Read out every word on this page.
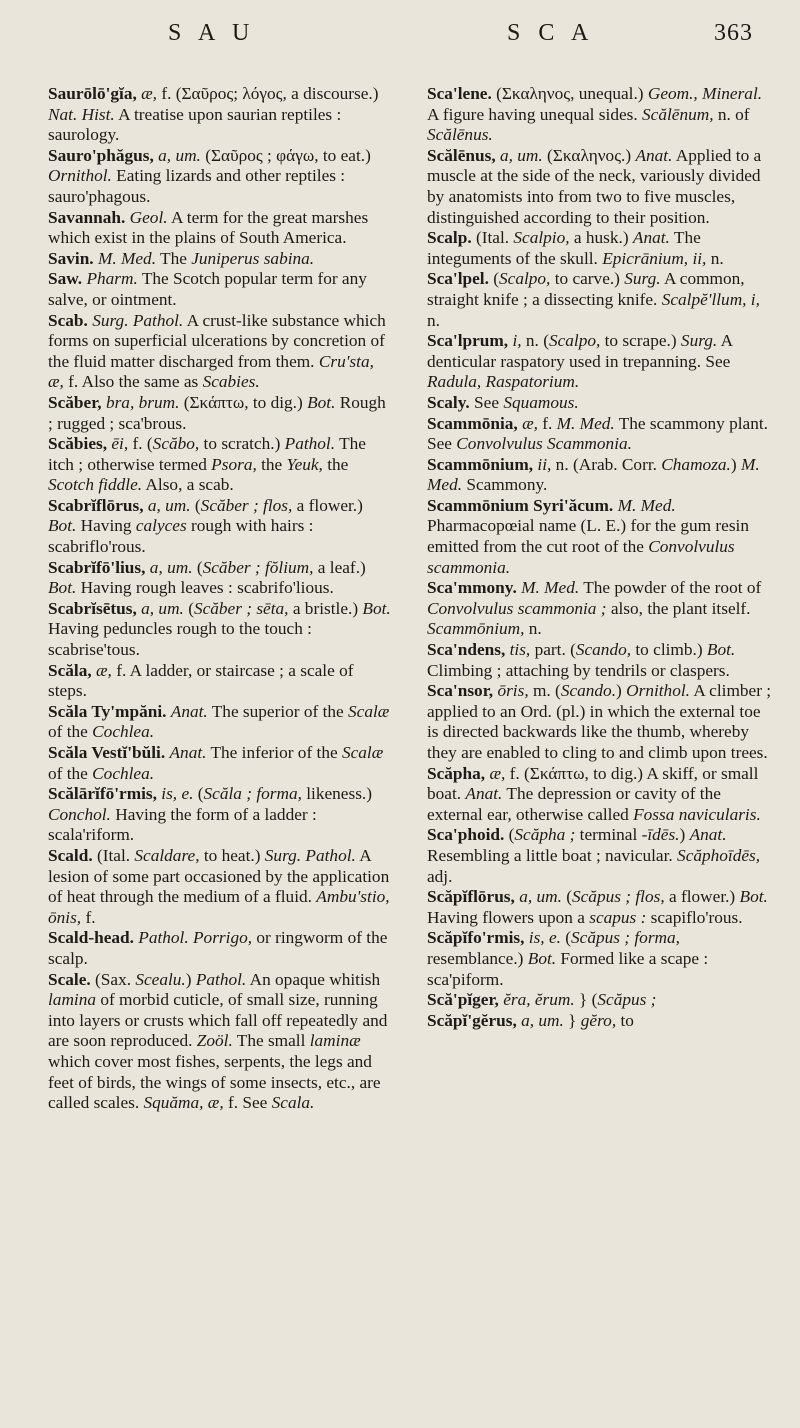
S A U	S C A	363
Saurōlō'gĭa, æ, f. (Σαῦρος; λόγος, a discourse.) Nat. Hist. A treatise upon saurian reptiles : saurology.
Sauro'phăgus, a, um. (Σαῦρος ; φάγω, to eat.) Ornithol. Eating lizards and other reptiles : sauro'phagous.
Savannah. Geol. A term for the great marshes which exist in the plains of South America.
Savin. M. Med. The Juniperus sabina.
Saw. Pharm. The Scotch popular term for any salve, or ointment.
Scab. Surg. Pathol. A crust-like substance which forms on superficial ulcerations by concretion of the fluid matter discharged from them. Cru'sta, æ, f. Also the same as Scabies.
Scăber, bra, brum. (Σκάπτω, to dig.) Bot. Rough ; rugged ; sca'brous.
Scăbies, ēi, f. (Scăbo, to scratch.) Pathol. The itch ; otherwise termed Psora, the Yeuk, the Scotch fiddle. Also, a scab.
Scabrĭflōrus, a, um. (Scăber ; flos, a flower.) Bot. Having calyces rough with hairs : scabriflo'rous.
Scabrĭfō'lius, a, um. (Scăber ; fŏlium, a leaf.) Bot. Having rough leaves : scabrifo'lious.
Scabrĭsētus, a, um. (Scăber ; sēta, a bristle.) Bot. Having peduncles rough to the touch : scabrise'tous.
Scăla, æ, f. A ladder, or staircase ; a scale of steps.
Scăla Ty'mpăni. Anat. The superior of the Scalæ of the Cochlea.
Scăla Vestĭ'bŭli. Anat. The inferior of the Scalæ of the Cochlea.
Scălārĭfō'rmis, is, e. (Scăla ; forma, likeness.) Conchol. Having the form of a ladder : scala'riform.
Scald. (Ital. Scaldare, to heat.) Surg. Pathol. A lesion of some part occasioned by the application of heat through the medium of a fluid. Ambu'stio, ōnis, f.
Scald-head. Pathol. Porrigo, or ringworm of the scalp.
Scale. (Sax. Scealu.) Pathol. An opaque whitish lamina of morbid cuticle, of small size, running into layers or crusts which fall off repeatedly and are soon reproduced. Zoöl. The small laminæ which cover most fishes, serpents, the legs and feet of birds, the wings of some insects, etc., are called scales. Squăma, æ, f. See Scala.
Sca'lene. (Σκαληνος, unequal.) Geom., Mineral. A figure having unequal sides. Scălēnum, n. of Scălēnus.
Scălēnus, a, um. (Σκαληνος.) Anat. Applied to a muscle at the side of the neck, variously divided by anatomists into from two to five muscles, distinguished according to their position.
Scalp. (Ital. Scalpio, a husk.) Anat. The integuments of the skull. Epicrānium, ii, n.
Sca'lpel. (Scalpo, to carve.) Surg. A common, straight knife ; a dissecting knife. Scalpĕ'llum, i, n.
Sca'lprum, i, n. (Scalpo, to scrape.) Surg. A denticular raspatory used in trepanning. See Radula, Raspatorium.
Scaly. See Squamous.
Scammōnia, æ, f. M. Med. The scammony plant. See Convolvulus Scammonia.
Scammōnium, ii, n. (Arab. Corr. Chamoza.) M. Med. Scammony.
Scammōnium Syri'ăcum. M. Med. Pharmacopœial name (L. E.) for the gum resin emitted from the cut root of the Convolvulus scammonia.
Sca'mmony. M. Med. The powder of the root of Convolvulus scammonia ; also, the plant itself. Scammōnium, n.
Sca'ndens, tis, part. (Scando, to climb.) Bot. Climbing ; attaching by tendrils or claspers.
Sca'nsor, ōris, m. (Scando.) Ornithol. A climber ; applied to an Ord. (pl.) in which the external toe is directed backwards like the thumb, whereby they are enabled to cling to and climb upon trees.
Scăpha, æ, f. (Σκάπτω, to dig.) A skiff, or small boat. Anat. The depression or cavity of the external ear, otherwise called Fossa navicularis.
Sca'phoid. (Scăpha ; terminal -īdēs.) Anat. Resembling a little boat ; navicular. Scăphoīdēs, adj.
Scăpĭflōrus, a, um. (Scăpus ; flos, a flower.) Bot. Having flowers upon a scapus : scapiflo'rous.
Scăpĭfo'rmis, is, e. (Scăpus ; forma, resemblance.) Bot. Formed like a scape : sca'piform.
Scă'pĭger, ĕra, ĕrum. } (Scăpus ;
Scăpĭ'gĕrus, a, um. } gĕro, to
